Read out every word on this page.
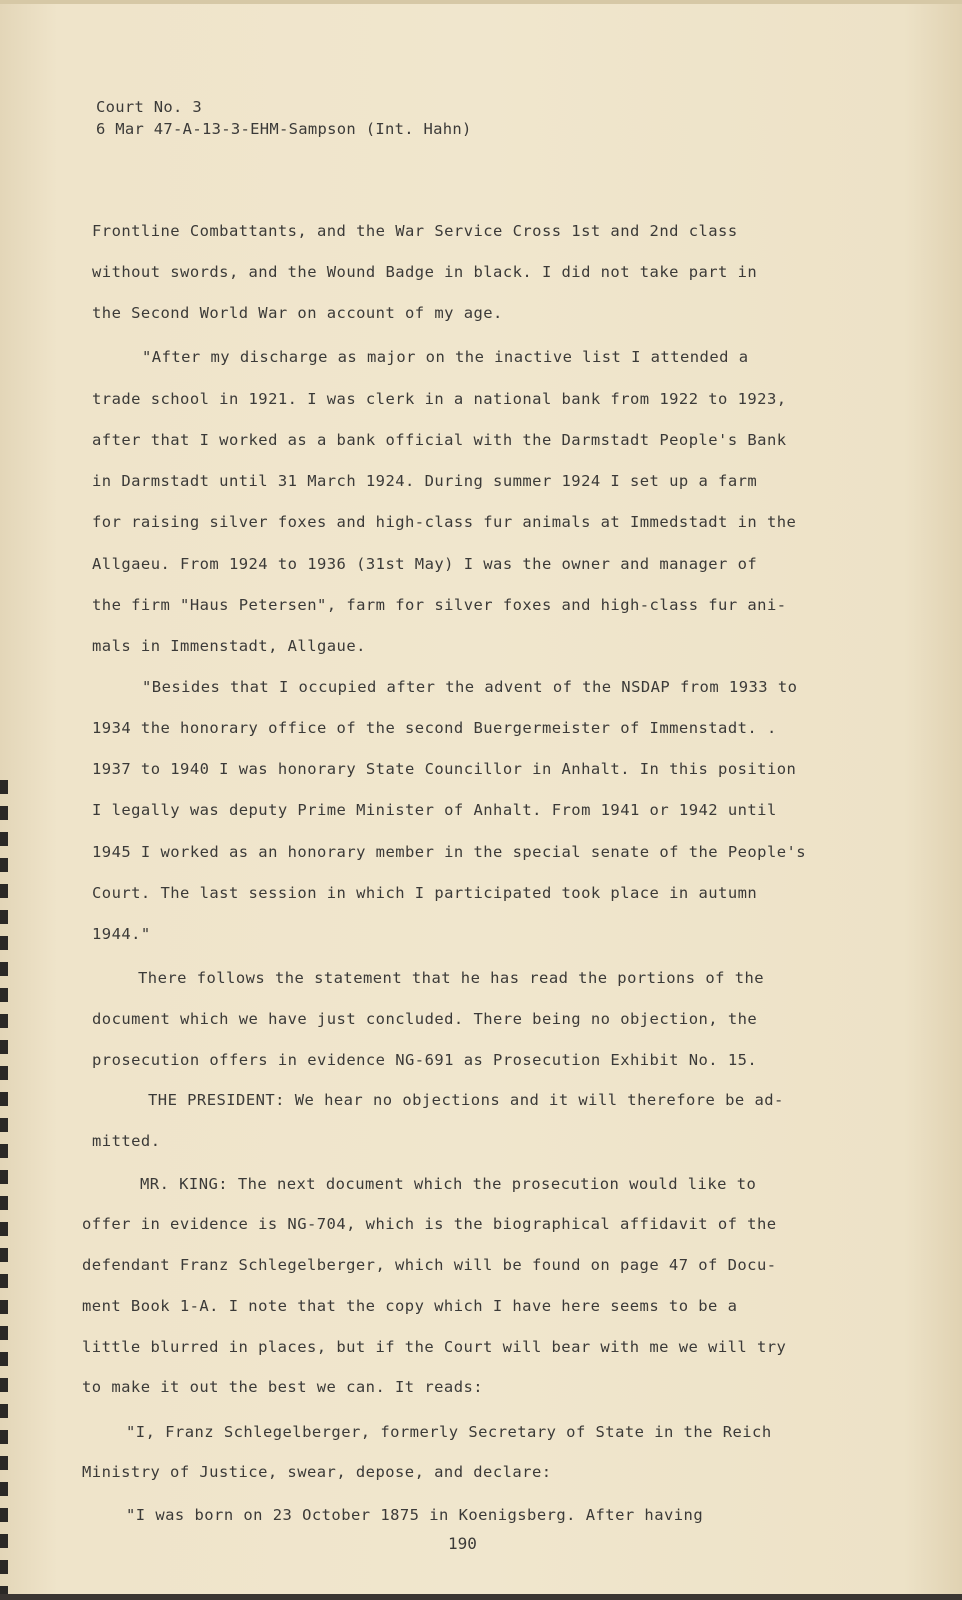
Court No. 3
6 Mar 47-A-13-3-EHM-Sampson (Int. Hahn)
Frontline Combattants, and the War Service Cross 1st and 2nd class
without swords, and the Wound Badge in black. I did not take part in
the Second World War on account of my age.
"After my discharge as major on the inactive list I attended a
trade school in 1921. I was clerk in a national bank from 1922 to 1923,
after that I worked as a bank official with the Darmstadt People's Bank
in Darmstadt until 31 March 1924. During summer 1924 I set up a farm
for raising silver foxes and high-class fur animals at Immedstadt in the
Allgaeu. From 1924 to 1936 (31st May) I was the owner and manager of
the firm "Haus Petersen", farm for silver foxes and high-class fur ani-
mals in Immenstadt, Allgaue.
"Besides that I occupied after the advent of the NSDAP from 1933 to
1934 the honorary office of the second Buergermeister of Immenstadt. .
1937 to 1940 I was honorary State Councillor in Anhalt. In this position
I legally was deputy Prime Minister of Anhalt. From 1941 or 1942 until
1945 I worked as an honorary member in the special senate of the People's
Court. The last session in which I participated took place in autumn
1944."
There follows the statement that he has read the portions of the
document which we have just concluded. There being no objection, the
prosecution offers in evidence NG-691 as Prosecution Exhibit No. 15.
THE PRESIDENT: We hear no objections and it will therefore be ad-
mitted.
MR. KING: The next document which the prosecution would like to
offer in evidence is NG-704, which is the biographical affidavit of the
defendant Franz Schlegelberger, which will be found on page 47 of Docu-
ment Book 1-A. I note that the copy which I have here seems to be a
little blurred in places, but if the Court will bear with me we will try
to make it out the best we can. It reads:
"I, Franz Schlegelberger, formerly Secretary of State in the Reich
Ministry of Justice, swear, depose, and declare:
"I was born on 23 October 1875 in Koenigsberg. After having
190
